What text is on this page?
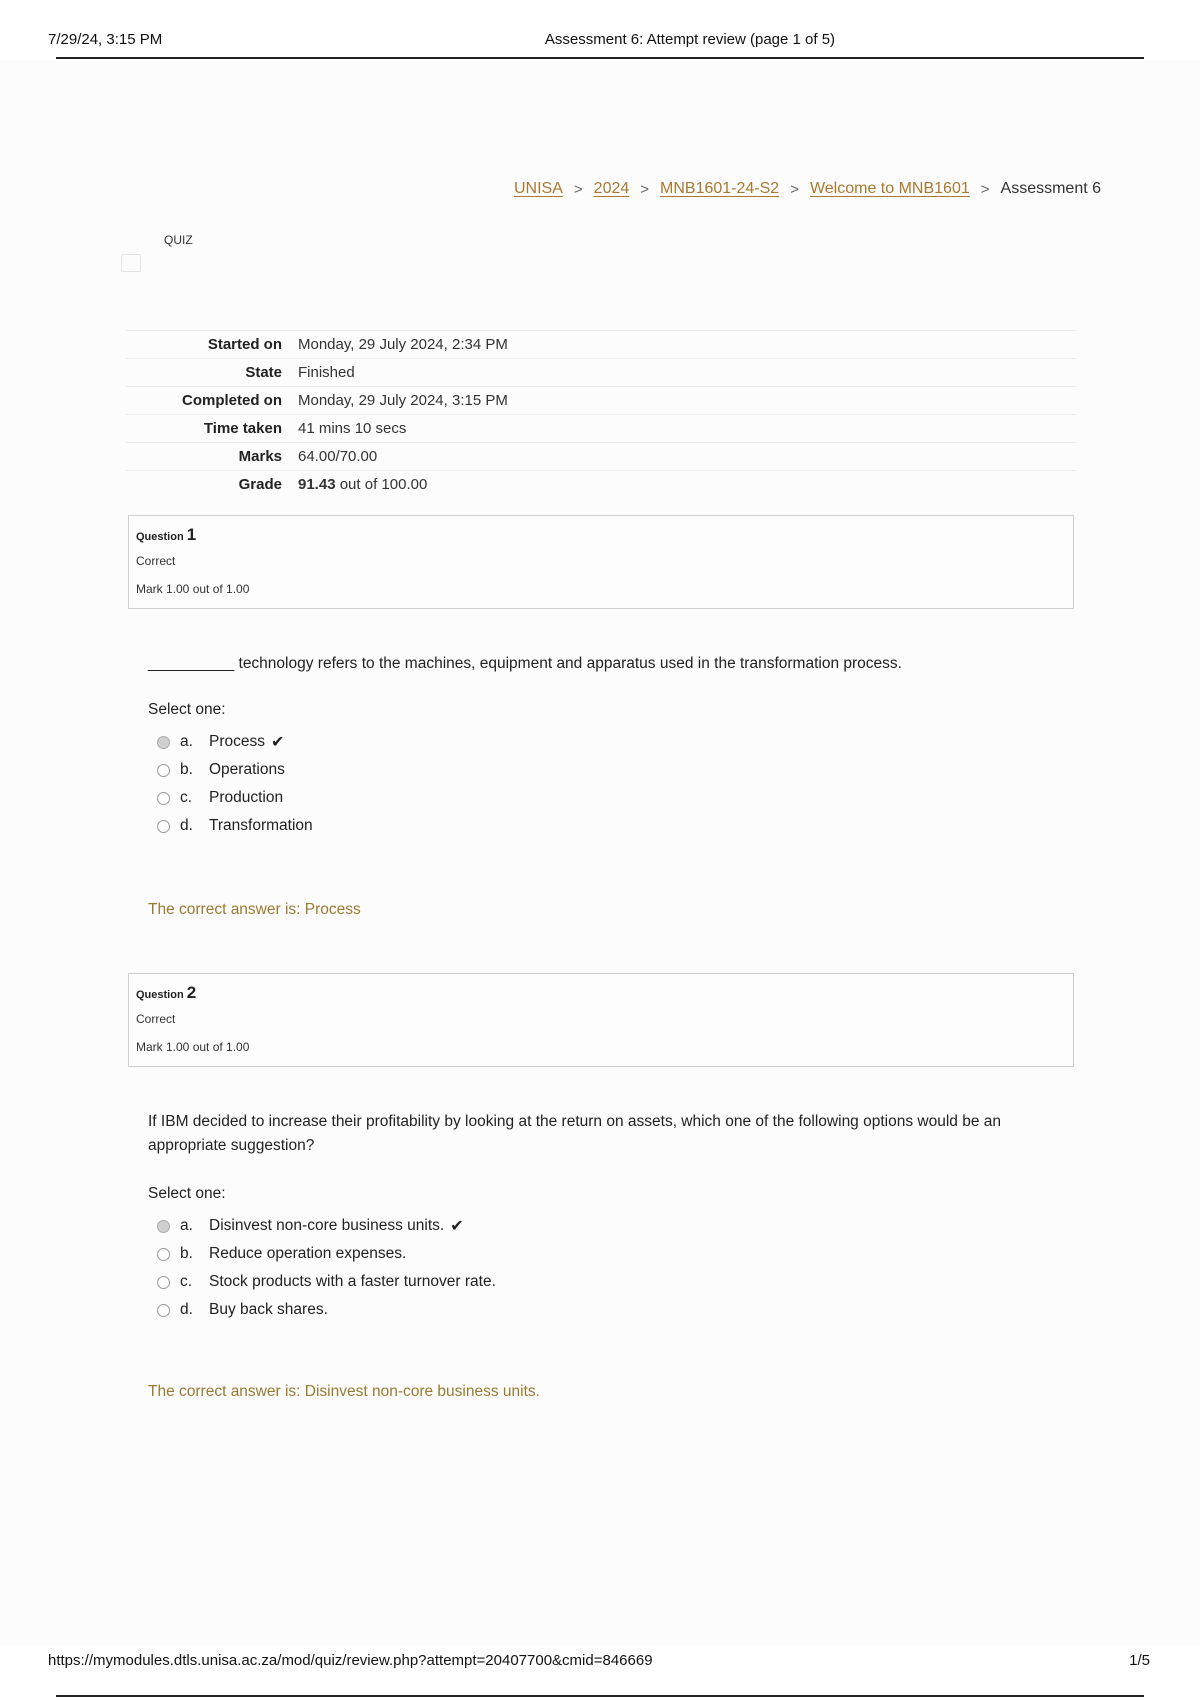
7/29/24, 3:15 PM	Assessment 6: Attempt review (page 1 of 5)
UNISA > 2024 > MNB1601-24-S2 > Welcome to MNB1601 > Assessment 6
QUIZ
Started on	Monday, 29 July 2024, 2:34 PM
State	Finished
Completed on	Monday, 29 July 2024, 3:15 PM
Time taken	41 mins 10 secs
Marks	64.00/70.00
Grade	91.43 out of 100.00
Question 1
Correct
Mark 1.00 out of 1.00
__________ technology refers to the machines, equipment and apparatus used in the transformation process.
Select one:
a.	Process ✔
b.	Operations
c.	Production
d.	Transformation
The correct answer is: Process
Question 2
Correct
Mark 1.00 out of 1.00
If IBM decided to increase their profitability by looking at the return on assets, which one of the following options would be an appropriate suggestion?
Select one:
a.	Disinvest non-core business units. ✔
b.	Reduce operation expenses.
c.	Stock products with a faster turnover rate.
d.	Buy back shares.
The correct answer is: Disinvest non-core business units.
https://mymodules.dtls.unisa.ac.za/mod/quiz/review.php?attempt=20407700&cmid=846669	1/5
